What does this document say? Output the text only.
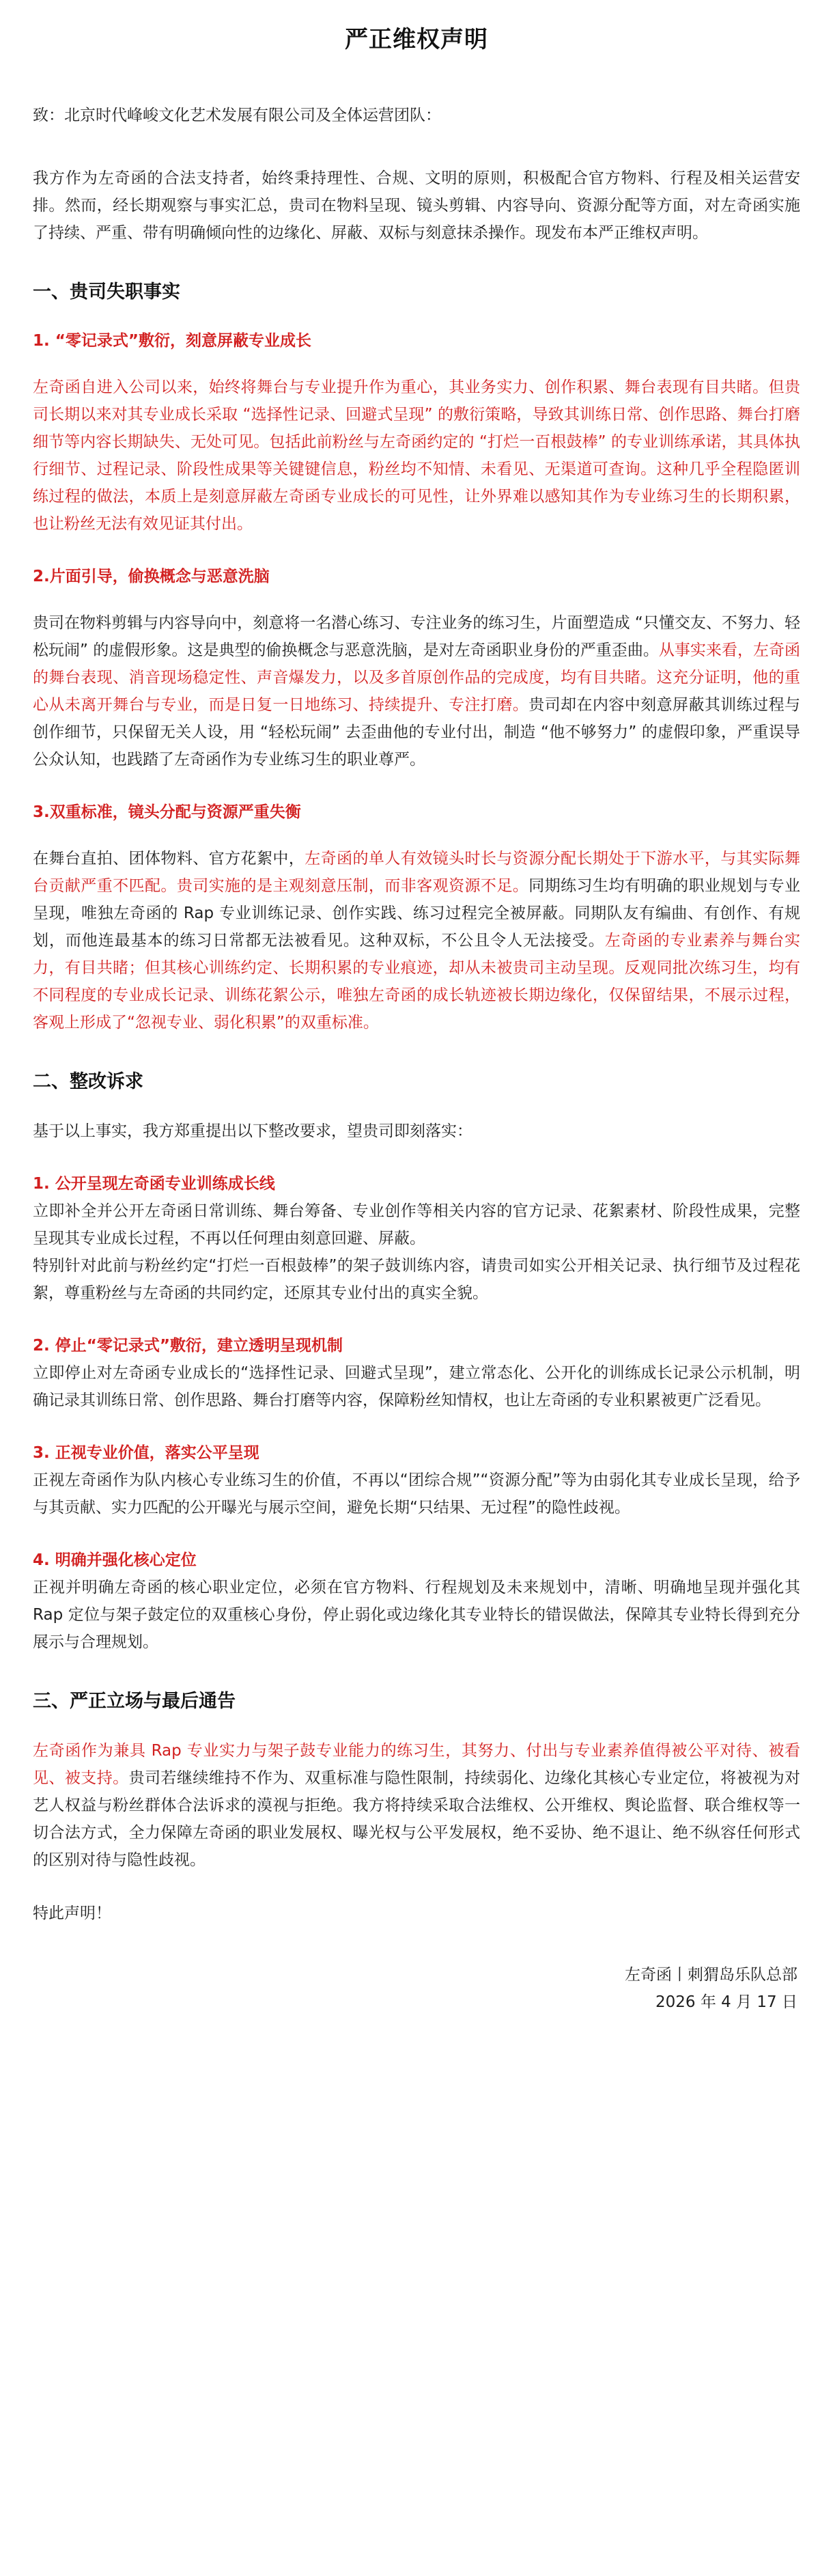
严正维权声明

致：北京时代峰峻文化艺术发展有限公司及全体运营团队：

我方作为左奇函的合法支持者，始终秉持理性、合规、文明的原则，积极配合官方物料、行程及相关运营安排。然而，经长期观察与事实汇总，贵司在物料呈现、镜头剪辑、内容导向、资源分配等方面，对左奇函实施了持续、严重、带有明确倾向性的边缘化、屏蔽、双标与刻意抹杀操作。现发布本严正维权声明。

一、贵司失职事实
1. “零记录式”敷衍，刻意屏蔽专业成长

左奇函自进入公司以来，始终将舞台与专业提升作为重心，其业务实力、创作积累、舞台表现有目共睹。但贵司长期以来对其专业成长采取 “选择性记录、回避式呈现” 的敷衍策略，导致其训练日常、创作思路、舞台打磨细节等内容长期缺失、无处可见。包括此前粉丝与左奇函约定的 “打烂一百根鼓棒” 的专业训练承诺，其具体执行细节、过程记录、阶段性成果等关键键信息，粉丝均不知情、未看见、无渠道可查询。这种几乎全程隐匿训练过程的做法，本质上是刻意屏蔽左奇函专业成长的可见性，让外界难以感知其作为专业练习生的长期积累，也让粉丝无法有效见证其付出。

2.片面引导，偷换概念与恶意洗脑

贵司在物料剪辑与内容导向中，刻意将一名潜心练习、专注业务的练习生，片面塑造成 “只懂交友、不努力、轻松玩闹” 的虚假形象。这是典型的偷换概念与恶意洗脑，是对左奇函职业身份的严重歪曲。从事实来看，左奇函的舞台表现、消音现场稳定性、声音爆发力，以及多首原创作品的完成度，均有目共睹。这充分证明，他的重心从未离开舞台与专业，而是日复一日地练习、持续提升、专注打磨。贵司却在内容中刻意屏蔽其训练过程与创作细节，只保留无关人设，用 “轻松玩闹” 去歪曲他的专业付出，制造 “他不够努力” 的虚假印象，严重误导公众认知，也践踏了左奇函作为专业练习生的职业尊严。

3.双重标准，镜头分配与资源严重失衡

在舞台直拍、团体物料、官方花絮中，左奇函的单人有效镜头时长与资源分配长期处于下游水平，与其实际舞台贡献严重不匹配。贵司实施的是主观刻意压制，而非客观资源不足。同期练习生均有明确的职业规划与专业呈现，唯独左奇函的 Rap 专业训练记录、创作实践、练习过程完全被屏蔽。同期队友有编曲、有创作、有规划，而他连最基本的练习日常都无法被看见。这种双标，不公且令人无法接受。左奇函的专业素养与舞台实力，有目共睹；但其核心训练约定、长期积累的专业痕迹，却从未被贵司主动呈现。反观同批次练习生，均有不同程度的专业成长记录、训练花絮公示，唯独左奇函的成长轨迹被长期边缘化，仅保留结果，不展示过程，客观上形成了“忽视专业、弱化积累”的双重标准。

二、整改诉求

基于以上事实，我方郑重提出以下整改要求，望贵司即刻落实：

1. 公开呈现左奇函专业训练成长线

立即补全并公开左奇函日常训练、舞台筹备、专业创作等相关内容的官方记录、花絮素材、阶段性成果，完整呈现其专业成长过程，不再以任何理由刻意回避、屏蔽。
特别针对此前与粉丝约定“打烂一百根鼓棒”的架子鼓训练内容，请贵司如实公开相关记录、执行细节及过程花絮，尊重粉丝与左奇函的共同约定，还原其专业付出的真实全貌。

2. 停止“零记录式”敷衍，建立透明呈现机制

立即停止对左奇函专业成长的“选择性记录、回避式呈现”，建立常态化、公开化的训练成长记录公示机制，明确记录其训练日常、创作思路、舞台打磨等内容，保障粉丝知情权，也让左奇函的专业积累被更广泛看见。

3. 正视专业价值，落实公平呈现

正视左奇函作为队内核心专业练习生的价值，不再以“团综合规”“资源分配”等为由弱化其专业成长呈现，给予与其贡献、实力匹配的公开曝光与展示空间，避免长期“只结果、无过程”的隐性歧视。

4. 明确并强化核心定位

正视并明确左奇函的核心职业定位，必须在官方物料、行程规划及未来规划中，清晰、明确地呈现并强化其 Rap 定位与架子鼓定位的双重核心身份，停止弱化或边缘化其专业特长的错误做法，保障其专业特长得到充分展示与合理规划。

三、严正立场与最后通告

左奇函作为兼具 Rap 专业实力与架子鼓专业能力的练习生，其努力、付出与专业素养值得被公平对待、被看见、被支持。贵司若继续维持不作为、双重标准与隐性限制，持续弱化、边缘化其核心专业定位，将被视为对艺人权益与粉丝群体合法诉求的漠视与拒绝。我方将持续采取合法维权、公开维权、舆论监督、联合维权等一切合法方式，全力保障左奇函的职业发展权、曝光权与公平发展权，绝不妥协、绝不退让、绝不纵容任何形式的区别对待与隐性歧视。

特此声明！

左奇函丨刺猬岛乐队总部
2026 年 4 月 17 日
